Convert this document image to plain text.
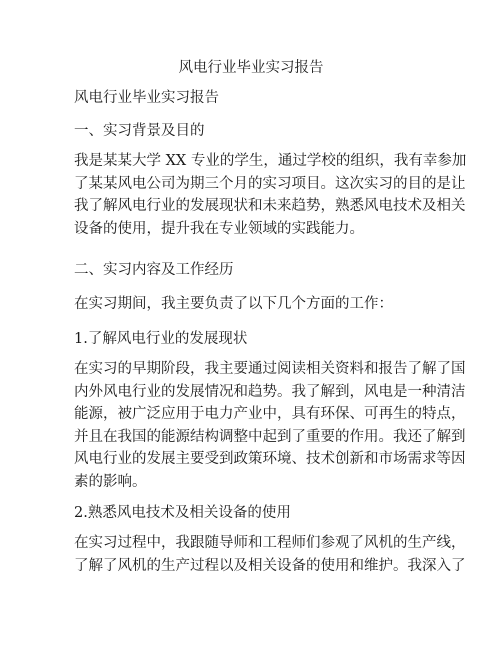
风电行业毕业实习报告
风电行业毕业实习报告
一、实习背景及目的
我是某某大学 XX 专业的学生，通过学校的组织，我有幸参加
了某某风电公司为期三个月的实习项目。这次实习的目的是让
我了解风电行业的发展现状和未来趋势，熟悉风电技术及相关
设备的使用，提升我在专业领域的实践能力。
二、实习内容及工作经历
在实习期间，我主要负责了以下几个方面的工作：
1.了解风电行业的发展现状
在实习的早期阶段，我主要通过阅读相关资料和报告了解了国
内外风电行业的发展情况和趋势。我了解到，风电是一种清洁
能源，被广泛应用于电力产业中，具有环保、可再生的特点，
并且在我国的能源结构调整中起到了重要的作用。我还了解到
风电行业的发展主要受到政策环境、技术创新和市场需求等因
素的影响。
2.熟悉风电技术及相关设备的使用
在实习过程中，我跟随导师和工程师们参观了风机的生产线，
了解了风机的生产过程以及相关设备的使用和维护。我深入了
